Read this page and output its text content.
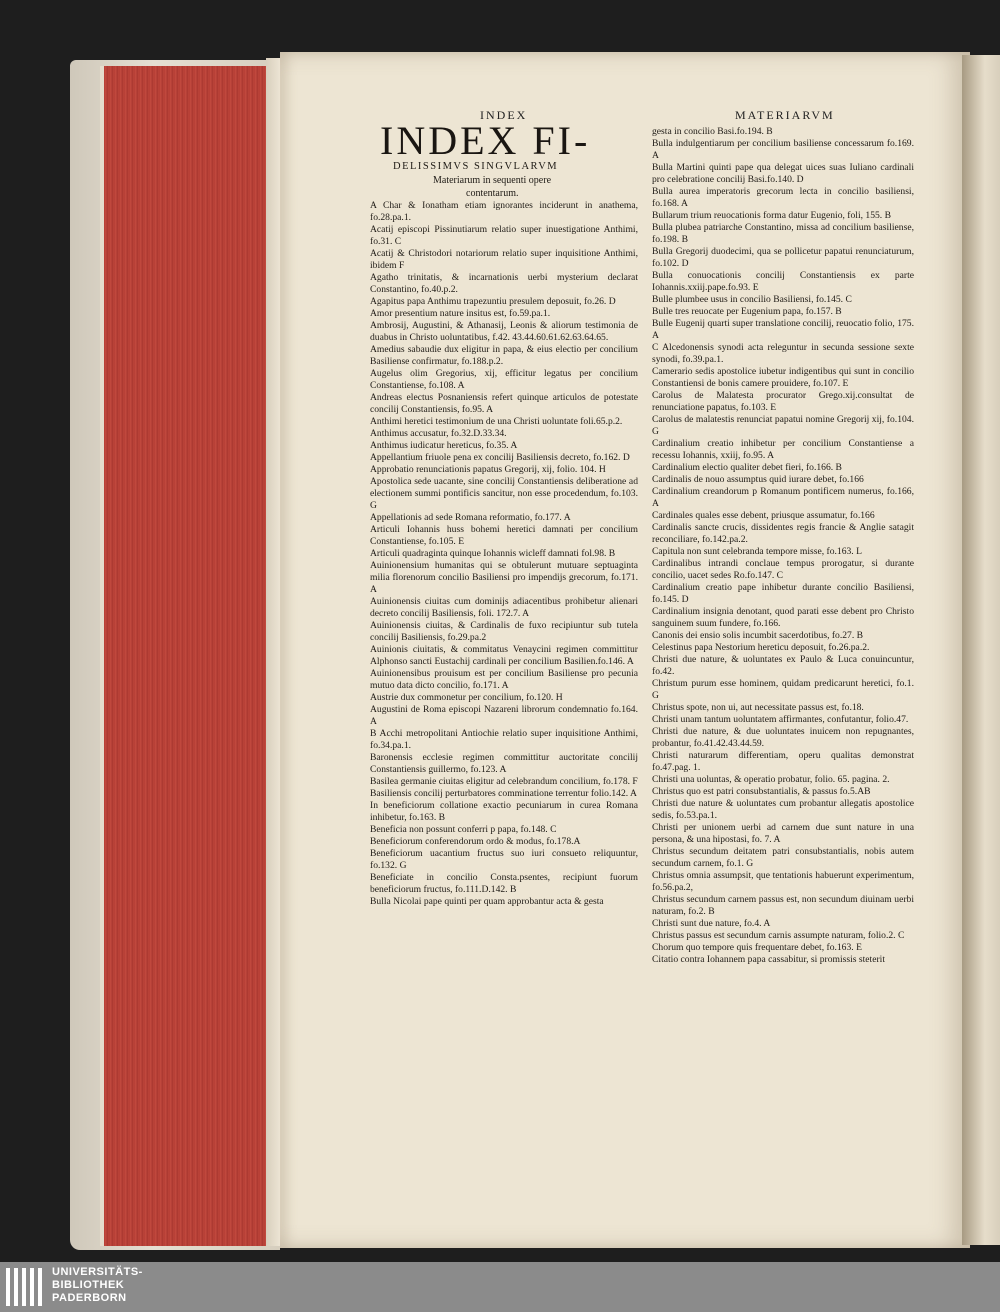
INDEX	MATERIARVM
INDEX FI-
DELISSIMVS SINGVLARVM
Materiarum in sequenti opere
contentarum.
A Char & Ionatham etiam ignorantes inciderunt in anathema, fo.28.pa.1.
Acatij episcopi Pissinutiarum relatio super inuestigatione Anthimi, fo.31. C
Acatij & Christodori notariorum relatio super inquisitione Anthimi, ibidem F
Agatho trinitatis, & incarnationis uerbi mysterium declarat Constantino, fo.40.p.2.
Agapitus papa Anthimu trapezuntiu presulem deposuit, fo.26. D
Amor presentium nature insitus est, fo.59.pa.1.
Ambrosij, Augustini, & Athanasij, Leonis & aliorum testimonia de duabus in Christo uoluntatibus, f.42. 43.44.60.61.62.63.64.65.
Amedius sabaudie dux eligitur in papa, & eius electio per concilium Basiliense confirmatur, fo.188.p.2.
Augelus olim Gregorius, xij, efficitur legatus per concilium Constantiense, fo.108. A
Andreas electus Posnaniensis refert quinque articulos de potestate concilij Constantiensis, fo.95. A
Anthimi heretici testimonium de una Christi uoluntate foli.65.p.2.
Anthimus accusatur, fo.32.D.33.34.
Anthimus iudicatur hereticus, fo.35. A
Appellantium friuole pena ex concilij Basiliensis decreto, fo.162. D
Approbatio renunciationis papatus Gregorij, xij, folio. 104. H
Apostolica sede uacante, sine concilij Constantiensis deliberatione ad electionem summi pontificis sancitur, non esse procedendum, fo.103. G
Appellationis ad sede Romana reformatio, fo.177. A
Articuli Iohannis huss bohemi heretici damnati per concilium Constantiense, fo.105. E
Articuli quadraginta quinque Iohannis wicleff damnati fol.98. B
Auinionensium humanitas qui se obtulerunt mutuare septuaginta milia florenorum concilio Basiliensi pro impendijs grecorum, fo.171. A
Auinionensis ciuitas cum dominijs adiacentibus prohibetur alienari decreto concilij Basiliensis, foli. 172.7. A
Auinionensis ciuitas, & Cardinalis de fuxo recipiuntur sub tutela concilij Basiliensis, fo.29.pa.2
Auinionis ciuitatis, & commitatus Venaycini regimen committitur Alphonso sancti Eustachij cardinali per concilium Basilien.fo.146. A
Auinionensibus prouisum est per concilium Basiliense pro pecunia mutuo data dicto concilio, fo.171. A
Austrie dux commonetur per concilium, fo.120. H
Augustini de Roma episcopi Nazareni librorum condemnatio fo.164. A
B Acchi metropolitani Antiochie relatio super inquisitione Anthimi, fo.34.pa.1.
Baronensis ecclesie regimen committitur auctoritate concilij Constantiensis guillermo, fo.123. A
Basilea germanie ciuitas eligitur ad celebrandum concilium, fo.178. F
Basiliensis concilij perturbatores comminatione terrentur folio.142. A
In beneficiorum collatione exactio pecuniarum in curea Romana inhibetur, fo.163. B
Beneficia non possunt conferri p papa, fo.148. C
Beneficiorum conferendorum ordo & modus, fo.178.A
Beneficiorum uacantium fructus suo iuri consueto reliquuntur, fo.132. G
Beneficiate in concilio Consta.psentes, recipiunt fuorum beneficiorum fructus, fo.111.D.142. B
Bulla Nicolai pape quinti per quam approbantur acta & gesta
gesta in concilio Basi.fo.194. B
Bulla indulgentiarum per concilium basiliense concessarum fo.169. A
Bulla Martini quinti pape qua delegat uices suas Iuliano cardinali pro celebratione concilij Basi.fo.140. D
Bulla aurea imperatoris grecorum lecta in concilio basiliensi, fo.168. A
Bullarum trium reuocationis forma datur Eugenio, foli, 155. B
Bulla plubea patriarche Constantino, missa ad concilium basiliense, fo.198. B
Bulla Gregorij duodecimi, qua se pollicetur papatui renunciaturum, fo.102. D
Bulla conuocationis concilij Constantiensis ex parte Iohannis.xxiij.pape.fo.93. E
Bulle plumbee usus in concilio Basiliensi, fo.145. C
Bulle tres reuocate per Eugenium papa, fo.157. B
Bulle Eugenij quarti super translatione concilij, reuocatio folio, 175. A
C Alcedonensis synodi acta releguntur in secunda sessione sexte synodi, fo.39.pa.1.
Camerario sedis apostolice iubetur indigentibus qui sunt in concilio Constantiensi de bonis camere prouidere, fo.107. E
Carolus de Malatesta procurator Grego.xij.consultat de renunciatione papatus, fo.103. E
Carolus de malatestis renunciat papatui nomine Gregorij xij, fo.104. G
Cardinalium creatio inhibetur per concilium Constantiense a recessu Iohannis, xxiij, fo.95. A
Cardinalium electio qualiter debet fieri, fo.166. B
Cardinalis de nouo assumptus quid iurare debet, fo.166
Cardinalium creandorum p Romanum pontificem numerus, fo.166, A
Cardinales quales esse debent, priusque assumatur, fo.166
Cardinalis sancte crucis, dissidentes regis francie & Anglie satagit reconciliare, fo.142.pa.2.
Capitula non sunt celebranda tempore misse, fo.163. L
Cardinalibus intrandi conclaue tempus prorogatur, si durante concilio, uacet sedes Ro.fo.147. C
Cardinalium creatio pape inhibetur durante concilio Basiliensi, fo.145. D
Cardinalium insignia denotant, quod parati esse debent pro Christo sanguinem suum fundere, fo.166.
Canonis dei ensio solis incumbit sacerdotibus, fo.27. B
Celestinus papa Nestorium hereticu deposuit, fo.26.pa.2.
Christi due nature, & uoluntates ex Paulo & Luca conuincuntur, fo.42.
Christum purum esse hominem, quidam predicarunt heretici, fo.1. G
Christus spote, non ui, aut necessitate passus est, fo.18.
Christi unam tantum uoluntatem affirmantes, confutantur, folio.47.
Christi due nature, & due uoluntates inuicem non repugnantes, probantur, fo.41.42.43.44.59.
Christi naturarum differentiam, operu qualitas demonstrat fo.47.pag. 1.
Christi una uoluntas, & operatio probatur, folio. 65. pagina. 2.
Christus quo est patri consubstantialis, & passus fo.5.AB
Christi due nature & uoluntates cum probantur allegatis apostolice sedis, fo.53.pa.1.
Christi per unionem uerbi ad carnem due sunt nature in una persona, & una hipostasi, fo. 7. A
Christus secundum deitatem patri consubstantialis, nobis autem secundum carnem, fo.1. G
Christus omnia assumpsit, que tentationis habuerunt experimentum, fo.56.pa.2,
Christus secundum carnem passus est, non secundum diuinam uerbi naturam, fo.2. B
Christi sunt due nature, fo.4. A
Christus passus est secundum carnis assumpte naturam, folio.2. C
Chorum quo tempore quis frequentare debet, fo.163. E
Citatio contra Iohannem papa cassabitur, si promissis steterit
UNIVERSITÄTS-
BIBLIOTHEK
PADERBORN
